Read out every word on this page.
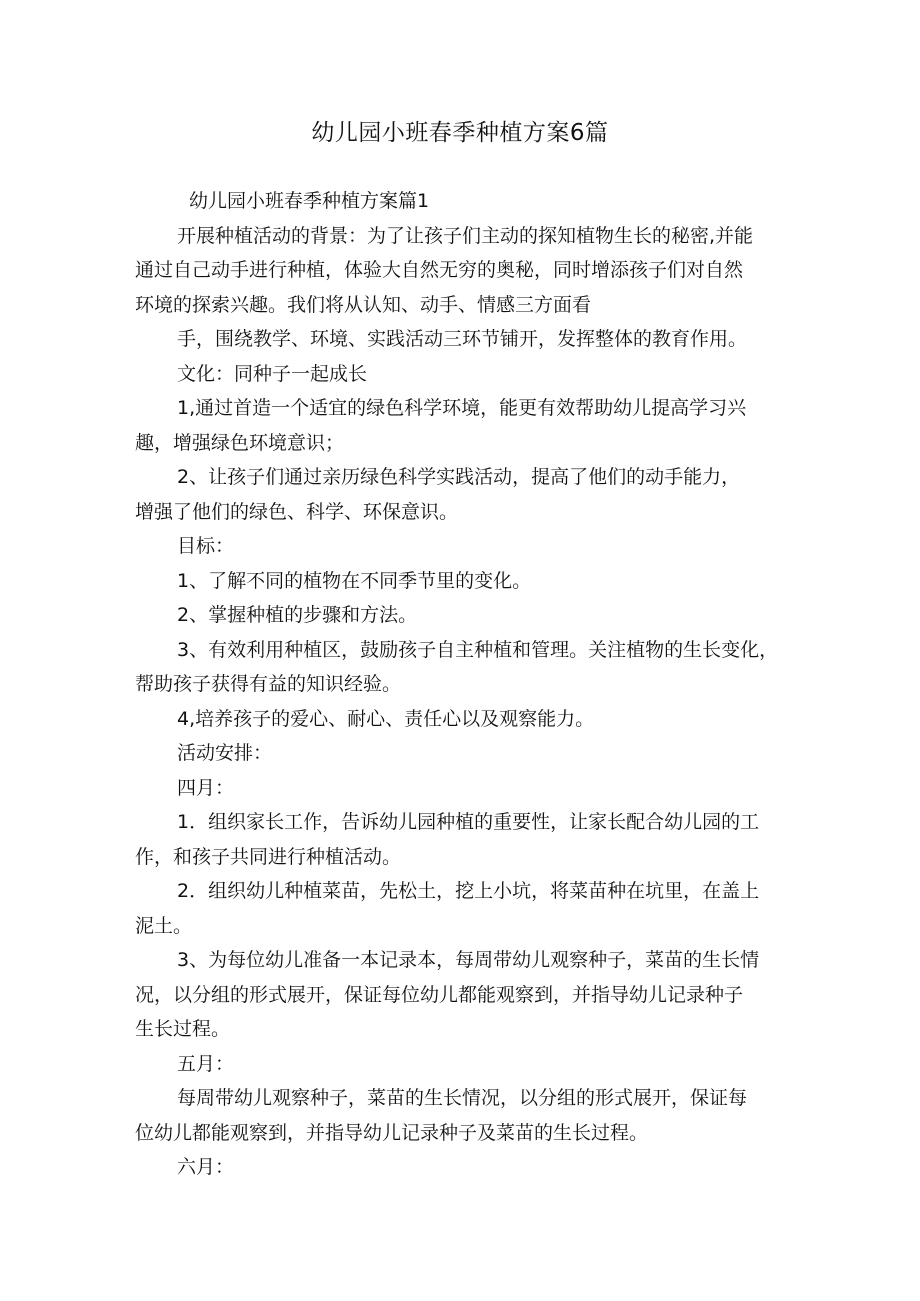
幼儿园小班春季种植方案6篇

幼儿园小班春季种植方案篇1

开展种植活动的背景：为了让孩子们主动的探知植物生长的秘密,并能
通过自己动手进行种植，体验大自然无穷的奥秘，同时增添孩子们对自然
环境的探索兴趣。我们将从认知、动手、情感三方面看

手，围绕教学、环境、实践活动三环节铺开，发挥整体的教育作用。

文化：同种子一起成长

1,通过首造一个适宜的绿色科学环境，能更有效帮助幼儿提高学习兴
趣，增强绿色环境意识；

2、让孩子们通过亲历绿色科学实践活动，提高了他们的动手能力，
增强了他们的绿色、科学、环保意识。

目标：

1、了解不同的植物在不同季节里的变化。

2、掌握种植的步骤和方法。

3、有效利用种植区，鼓励孩子自主种植和管理。关注植物的生长变化，
帮助孩子获得有益的知识经验。

4,培养孩子的爱心、耐心、责任心以及观察能力。

活动安排：

四月：

1．组织家长工作，告诉幼儿园种植的重要性，让家长配合幼儿园的工
作，和孩子共同进行种植活动。

2．组织幼儿种植菜苗，先松土，挖上小坑，将菜苗种在坑里，在盖上
泥土。

3、为每位幼儿准备一本记录本，每周带幼儿观察种子，菜苗的生长情
况，以分组的形式展开，保证每位幼儿都能观察到，并指导幼儿记录种子
生长过程。

五月：

每周带幼儿观察种子，菜苗的生长情况，以分组的形式展开，保证每
位幼儿都能观察到，并指导幼儿记录种子及菜苗的生长过程。

六月：
